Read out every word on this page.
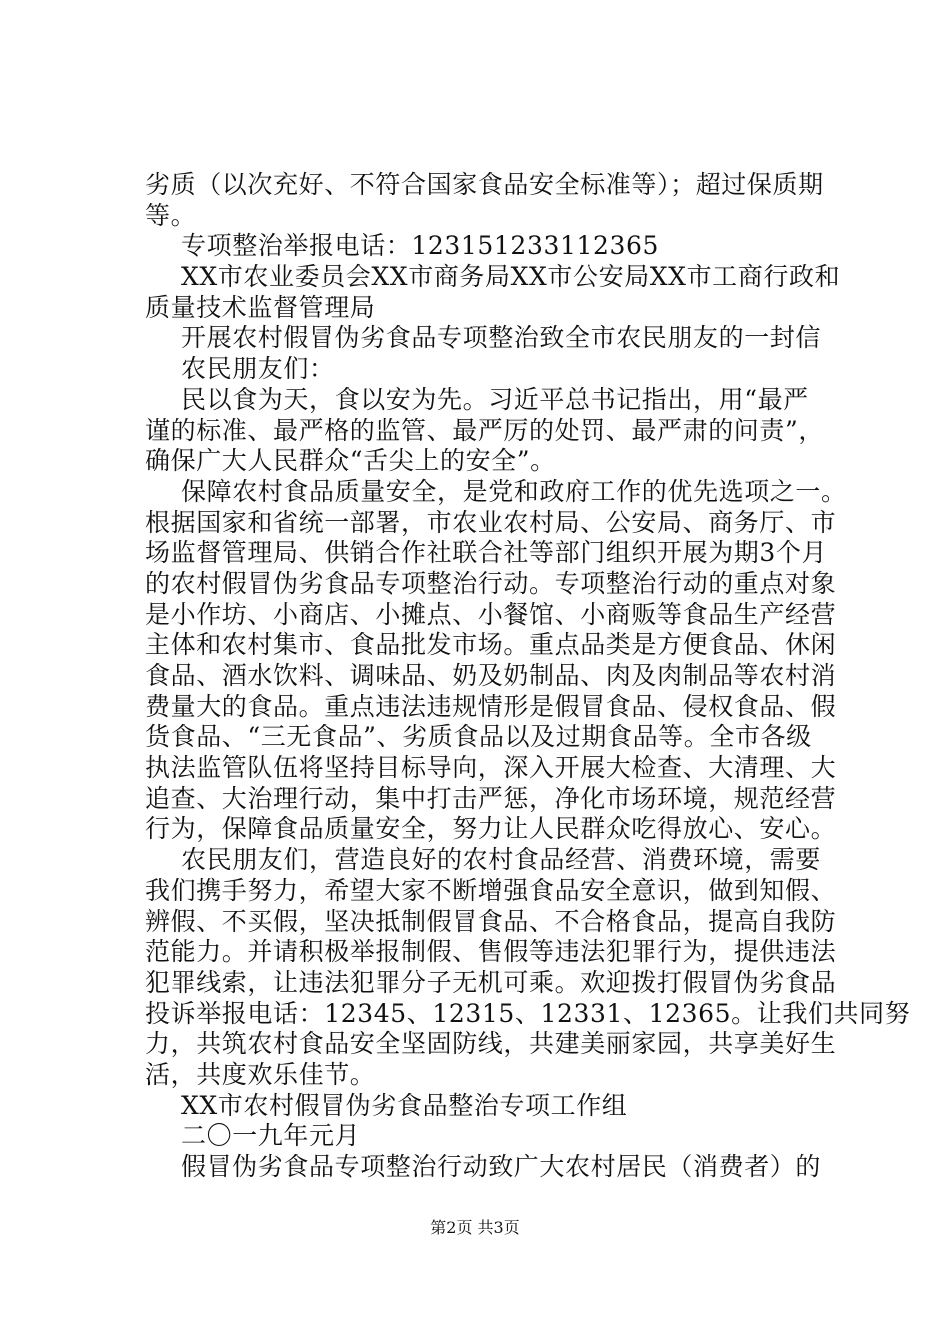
劣质（以次充好、不符合国家食品安全标准等）；超过保质期
等。
专项整治举报电话：123151233112365
XX市农业委员会XX市商务局XX市公安局XX市工商行政和
质量技术监督管理局
开展农村假冒伪劣食品专项整治致全市农民朋友的一封信
农民朋友们：
民以食为天，食以安为先。习近平总书记指出，用“最严
谨的标准、最严格的监管、最严厉的处罚、最严肃的问责”，
确保广大人民群众“舌尖上的安全”。
保障农村食品质量安全，是党和政府工作的优先选项之一。
根据国家和省统一部署，市农业农村局、公安局、商务厅、市
场监督管理局、供销合作社联合社等部门组织开展为期3个月
的农村假冒伪劣食品专项整治行动。专项整治行动的重点对象
是小作坊、小商店、小摊点、小餐馆、小商贩等食品生产经营
主体和农村集市、食品批发市场。重点品类是方便食品、休闲
食品、酒水饮料、调味品、奶及奶制品、肉及肉制品等农村消
费量大的食品。重点违法违规情形是假冒食品、侵权食品、假
货食品、“三无食品”、劣质食品以及过期食品等。全市各级
执法监管队伍将坚持目标导向，深入开展大检查、大清理、大
追查、大治理行动，集中打击严惩，净化市场环境，规范经营
行为，保障食品质量安全，努力让人民群众吃得放心、安心。
农民朋友们，营造良好的农村食品经营、消费环境，需要
我们携手努力，希望大家不断增强食品安全意识，做到知假、
辨假、不买假，坚决抵制假冒食品、不合格食品，提高自我防
范能力。并请积极举报制假、售假等违法犯罪行为，提供违法
犯罪线索，让违法犯罪分子无机可乘。欢迎拨打假冒伪劣食品
投诉举报电话：12345、12315、12331、12365。让我们共同努
力，共筑农村食品安全坚固防线，共建美丽家园，共享美好生
活，共度欢乐佳节。
XX市农村假冒伪劣食品整治专项工作组
二〇一九年元月
假冒伪劣食品专项整治行动致广大农村居民（消费者）的
第2页 共3页
